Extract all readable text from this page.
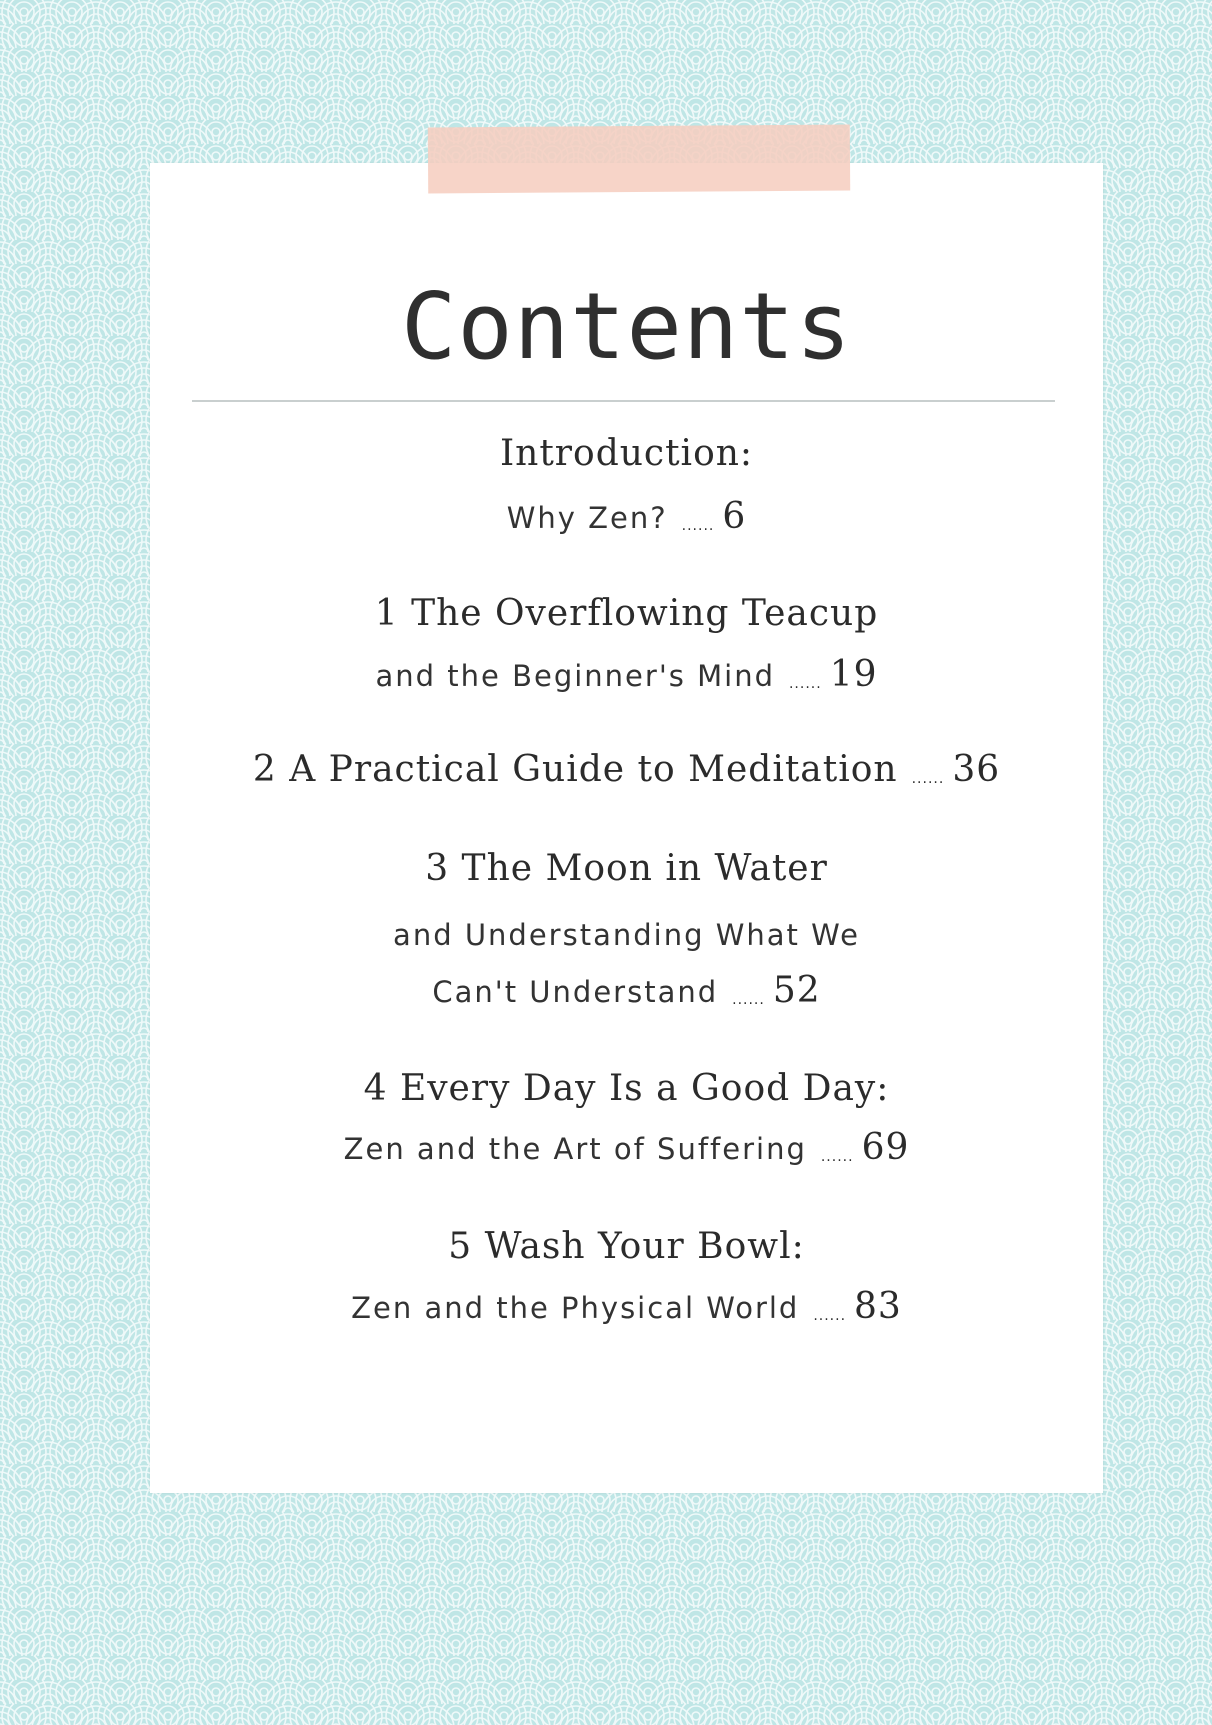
Contents
Introduction:
Why Zen? ...... 6
1 The Overflowing Teacup
and the Beginner's Mind ...... 19
2 A Practical Guide to Meditation ...... 36
3 The Moon in Water
and Understanding What We
Can't Understand ...... 52
4 Every Day Is a Good Day:
Zen and the Art of Suffering ...... 69
5 Wash Your Bowl:
Zen and the Physical World ...... 83
